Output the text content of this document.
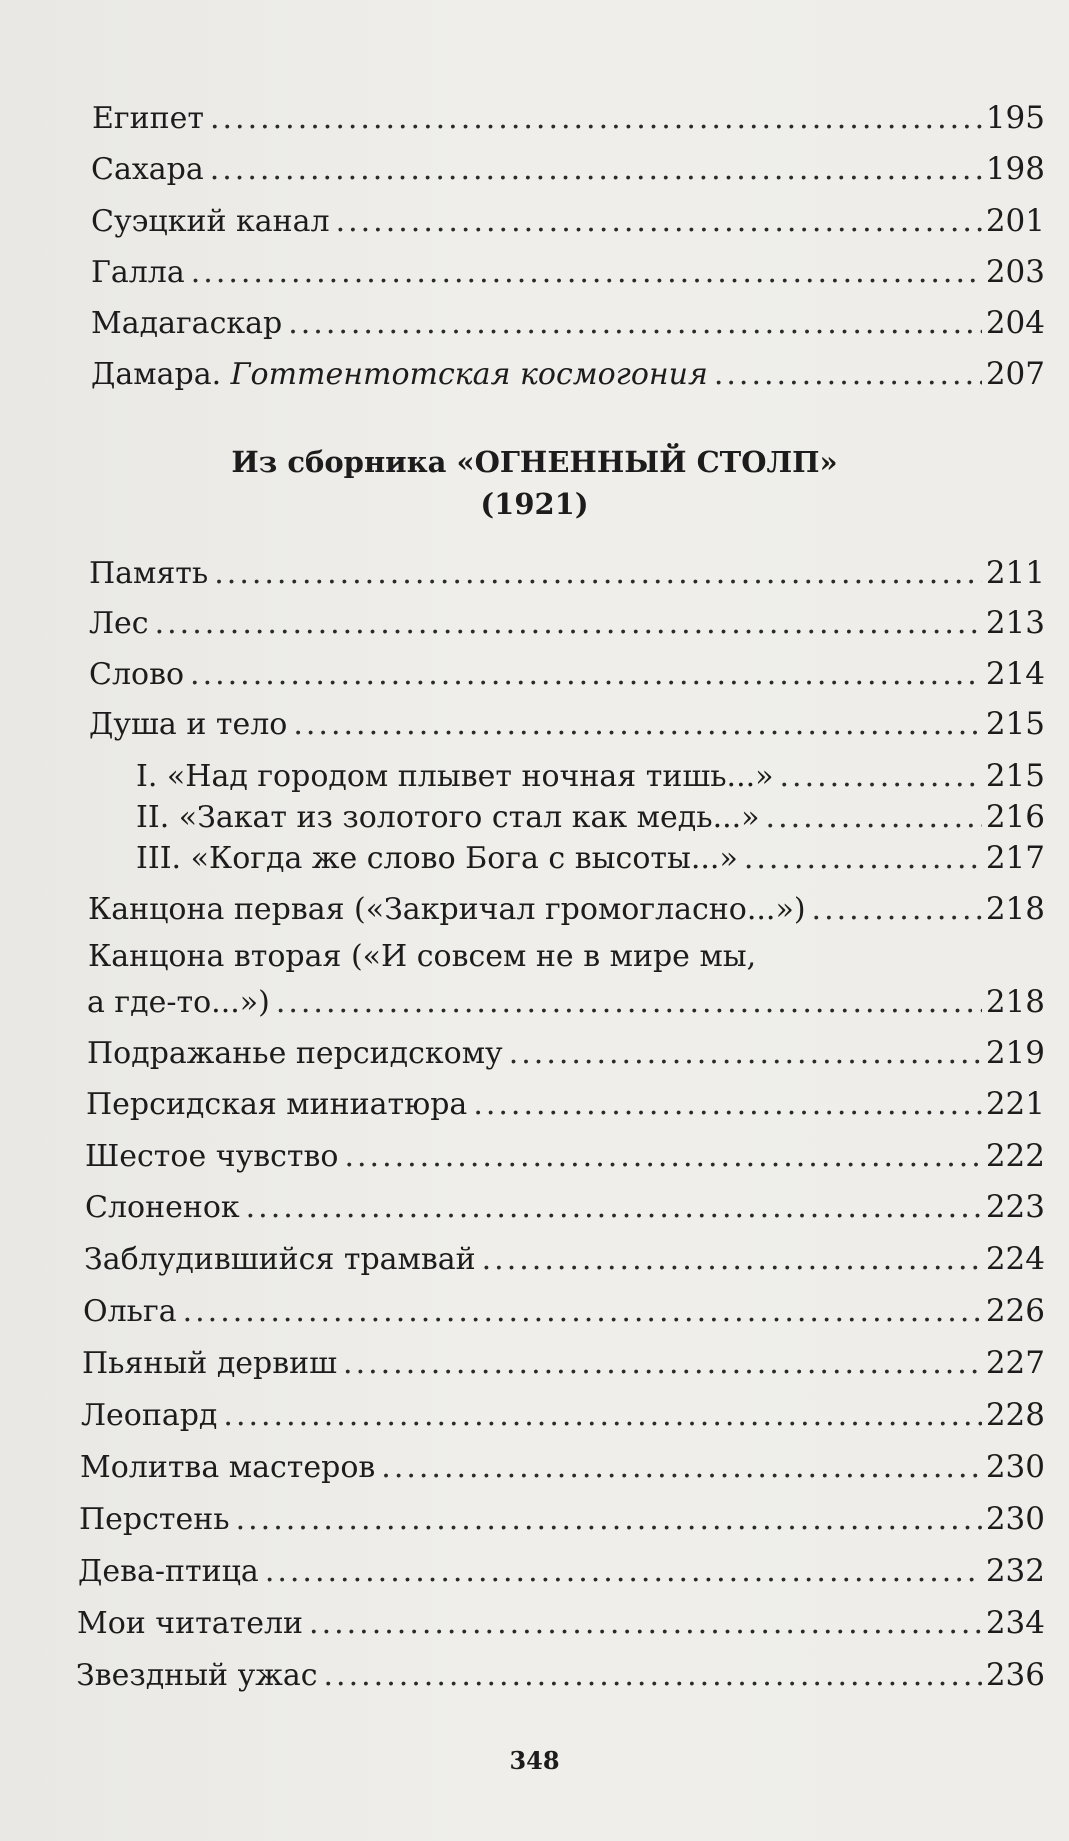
Египет .....	195
Сахара .....	198
Суэцкий канал .....	201
Галла .....	203
Мадагаскар .....	204
Дамара. Готтентотская космогония .....	207
Из сборника «ОГНЕННЫЙ СТОЛП»
(1921)
Память .....	211
Лес .....	213
Слово .....	214
Душа и тело .....	215
I. «Над городом плывет ночная тишь...» .....	215
II. «Закат из золотого стал как медь...» .....	216
III. «Когда же слово Бога с высоты...» .....	217
Канцона первая («Закричал громогласно...») .....	218
Канцона вторая («И совсем не в мире мы,
а где-то...») .....	218
Подражанье персидскому .....	219
Персидская миниатюра .....	221
Шестое чувство .....	222
Слоненок .....	223
Заблудившийся трамвай .....	224
Ольга .....	226
Пьяный дервиш .....	227
Леопард .....	228
Молитва мастеров .....	230
Перстень .....	230
Дева-птица .....	232
Мои читатели .....	234
Звездный ужас .....	236
348
